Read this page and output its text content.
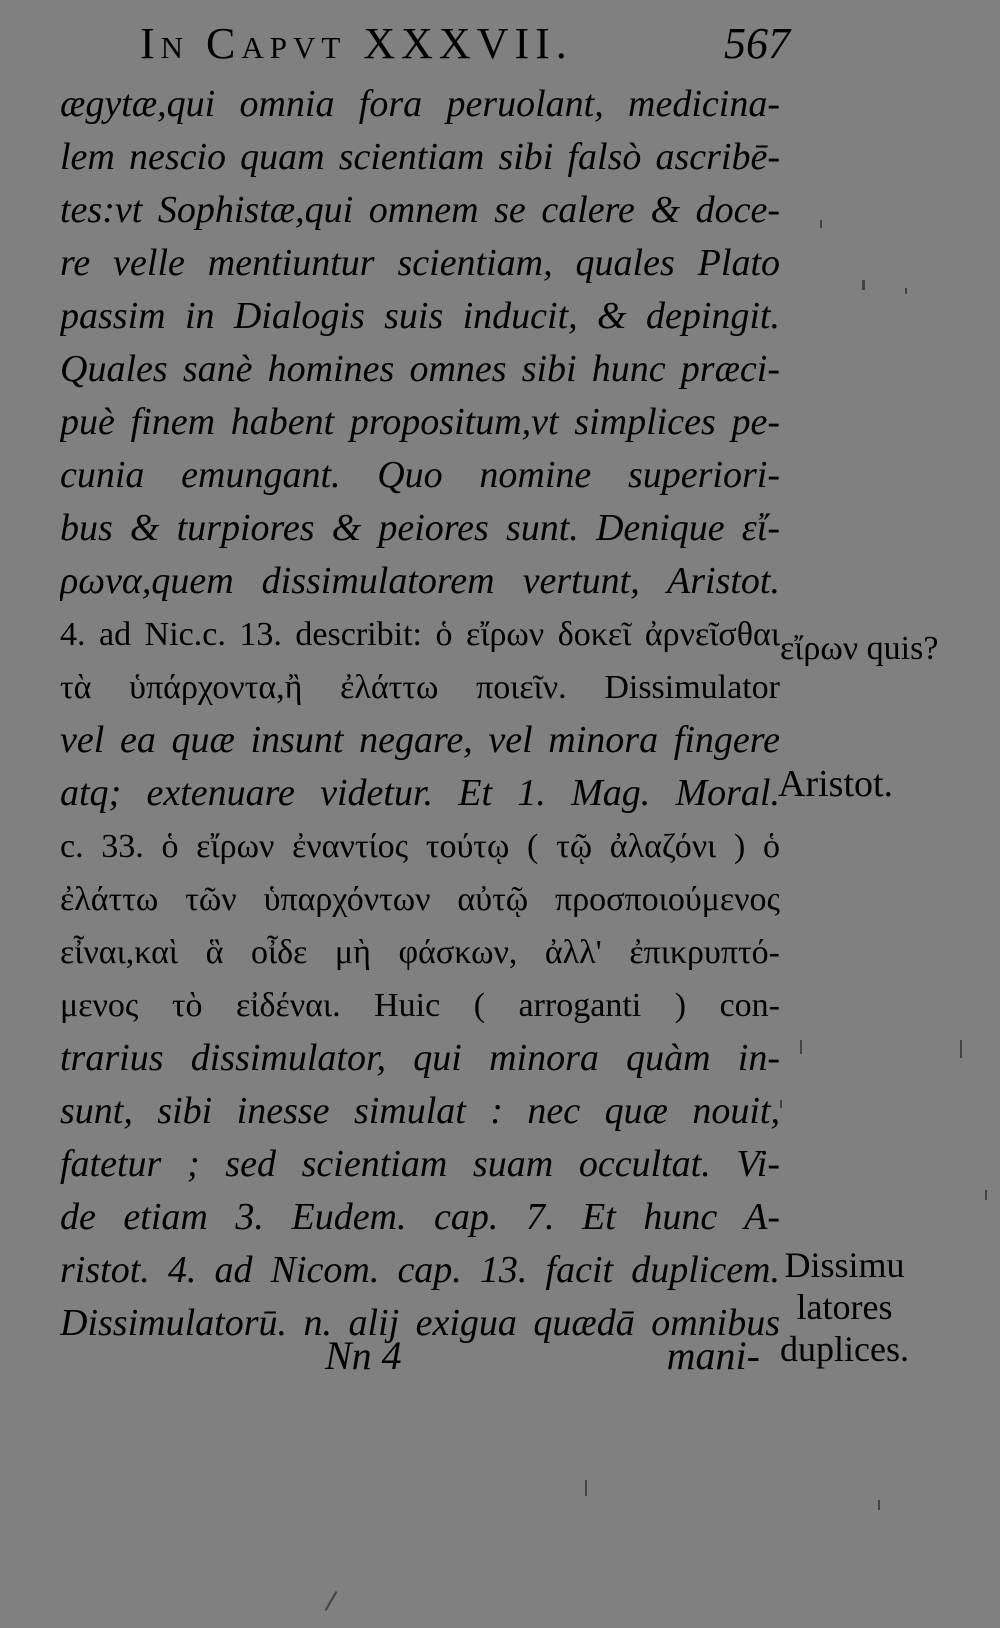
In Capvt XXXVII.	567
ægytæ,qui omnia fora peruolant, medicina-
lem nescio quam scientiam sibi falsò ascribē-
tes:vt Sophistæ,qui omnem se calere & doce-
re velle mentiuntur scientiam, quales Plato
passim in Dialogis suis inducit, & depingit.
Quales sanè homines omnes sibi hunc præci-
puè finem habent propositum,vt simplices pe-
cunia emungant. Quo nomine superiori-
bus & turpiores & peiores sunt. Denique εἴ-
ρωνα,quem dissimulatorem vertunt, Aristot.
4. ad Nic.c. 13. describit: ὁ εἴρων δοκεῖ ἀρνεῖσθαι
τὰ ὑπάρχοντα,ἢ ἐλάττω ποιεῖν. Dissimulator
vel ea quæ insunt negare, vel minora fingere
atq; extenuare videtur. Et 1. Mag. Moral.
c. 33. ὁ εἴρων ἐναντίος τούτῳ ( τῷ ἀλαζόνι ) ὁ
ἐλάττω τῶν ὑπαρχόντων αὐτῷ προσποιούμενος
εἶναι,καὶ ἃ οἶδε μὴ φάσκων, ἀλλ' ἐπικρυπτό-
μενος τὸ εἰδέναι. Huic ( arroganti ) con-
trarius dissimulator, qui minora quàm in-
sunt, sibi inesse simulat : nec quæ nouit,
fatetur ; sed scientiam suam occultat. Vi-
de etiam 3. Eudem. cap. 7. Et hunc A-
ristot. 4. ad Nicom. cap. 13. facit duplicem.
Dissimulatorū. n. alij exigua quædā omnibus
εἴρων quis?
Aristot.
Dissimu
latores
duplices.
Nn 4	mani-
